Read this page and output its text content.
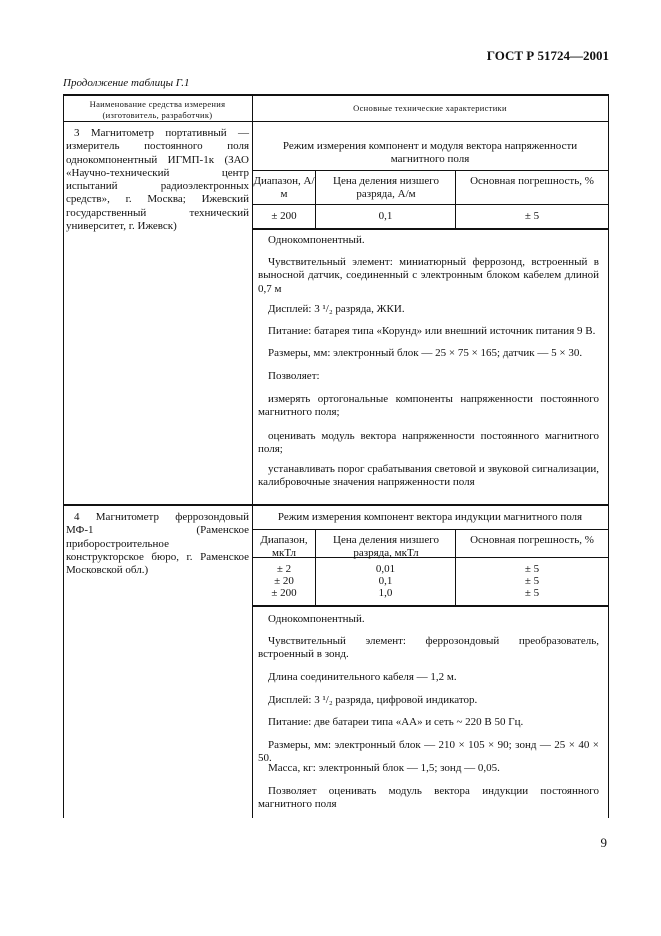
ГОСТ Р 51724—2001
Продолжение таблицы Г.1
Наименование средства измерения (изготовитель, разработчик)
Основные технические характеристики
3 Магнитометр портативный — измеритель постоянного поля однокомпонентный ИГМП-1к (ЗАО «Научно-технический центр испытаний радиоэлектронных средств», г. Москва; Ижевский государственный технический университет, г. Ижевск)
Режим измерения компонент и модуля вектора напряженности магнитного поля
Диапазон, А/м
Цена деления низшего разряда, А/м
Основная погрешность, %
± 200	0,1	± 5
Однокомпонентный.
Чувствительный элемент: миниатюрный феррозонд, встроенный в выносной датчик, соединенный с электронным блоком кабелем длиной 0,7 м
Дисплей: 3 ¹/₂ разряда, ЖКИ.
Питание: батарея типа «Корунд» или внешний источник питания 9 В.
Размеры, мм: электронный блок — 25 × 75 × 165; датчик — 5 × 30.
Позволяет:
измерять ортогональные компоненты напряженности постоянного магнитного поля;
оценивать модуль вектора напряженности постоянного магнитного поля;
устанавливать порог срабатывания световой и звуковой сигнализации, калибровочные значения напряженности поля
4 Магнитометр феррозондовый МФ-1 (Раменское приборостроительное конструкторское бюро, г. Раменское Московской обл.)
Режим измерения компонент вектора индукции магнитного поля
Диапазон, мкТл
Цена деления низшего разряда, мкТл
Основная погрешность, %
± 2
± 20
± 200
0,01
0,1
1,0
± 5
± 5
± 5
Однокомпонентный.
Чувствительный элемент: феррозондовый преобразователь, встроенный в зонд.
Длина соединительного кабеля — 1,2 м.
Дисплей: 3 ¹/₂ разряда, цифровой индикатор.
Питание: две батареи типа «АА» и сеть ~ 220 В 50 Гц.
Размеры, мм: электронный блок — 210 × 105 × 90; зонд — 25 × 40 × 50.
Масса, кг: электронный блок — 1,5; зонд — 0,05.
Позволяет оценивать модуль вектора индукции постоянного магнитного поля
9
